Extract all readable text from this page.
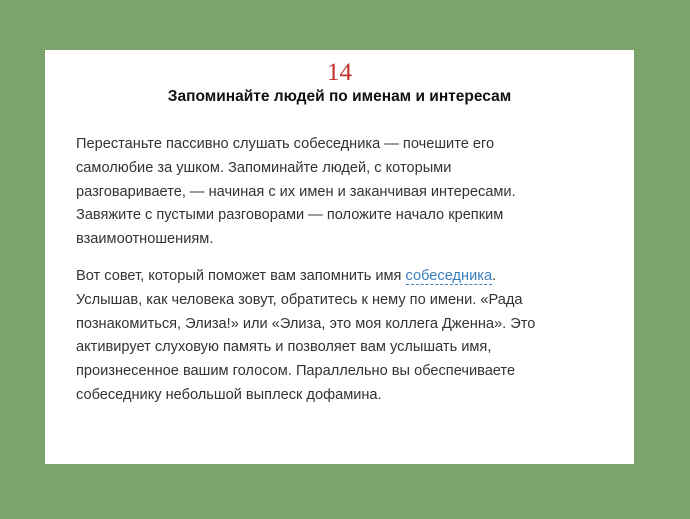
14
Запоминайте людей по именам и интересам
Перестаньте пассивно слушать собеседника — почешите его
самолюбие за ушком. Запоминайте людей, с которыми
разговариваете, — начиная с их имен и заканчивая интересами.
Завяжите с пустыми разговорами — положите начало крепким
взаимоотношениям.
Вот совет, который поможет вам запомнить имя собеседника.
Услышав, как человека зовут, обратитесь к нему по имени. «Рада
познакомиться, Элиза!» или «Элиза, это моя коллега Дженна». Это
активирует слуховую память и позволяет вам услышать имя,
произнесенное вашим голосом. Параллельно вы обеспечиваете
собеседнику небольшой выплеск дофамина.
